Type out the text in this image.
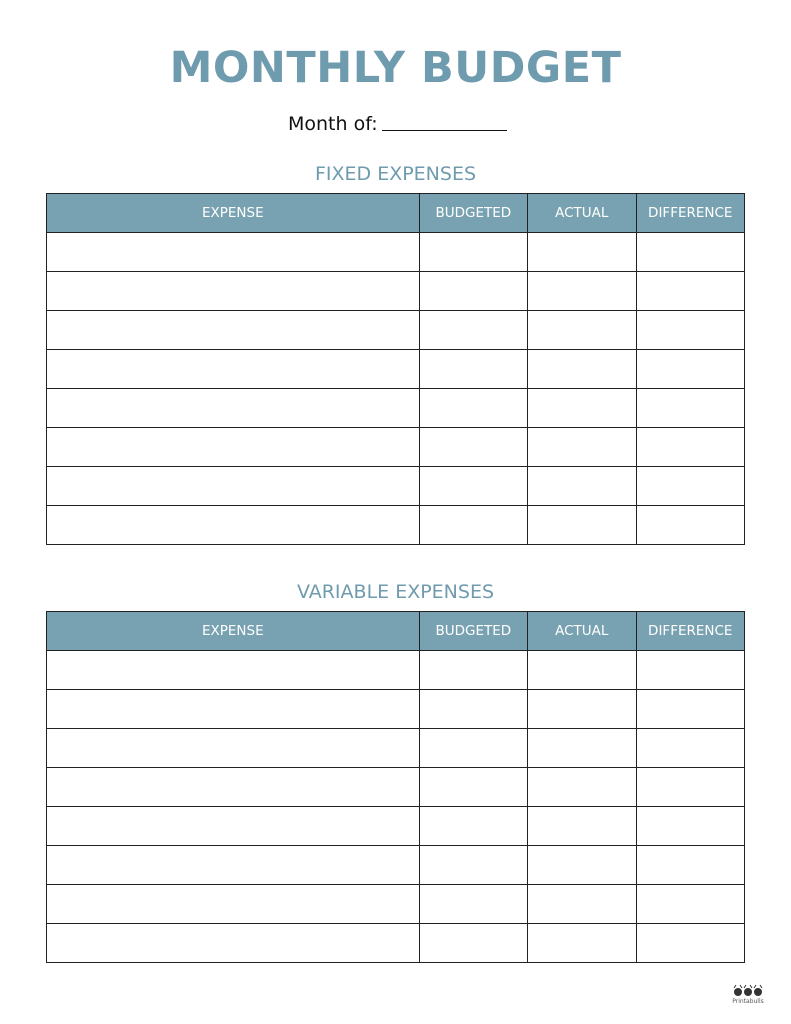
MONTHLY BUDGET
Month of:
FIXED EXPENSES
EXPENSE	BUDGETED	ACTUAL	DIFFERENCE

VARIABLE EXPENSES
EXPENSE	BUDGETED	ACTUAL	DIFFERENCE

Printabulls
